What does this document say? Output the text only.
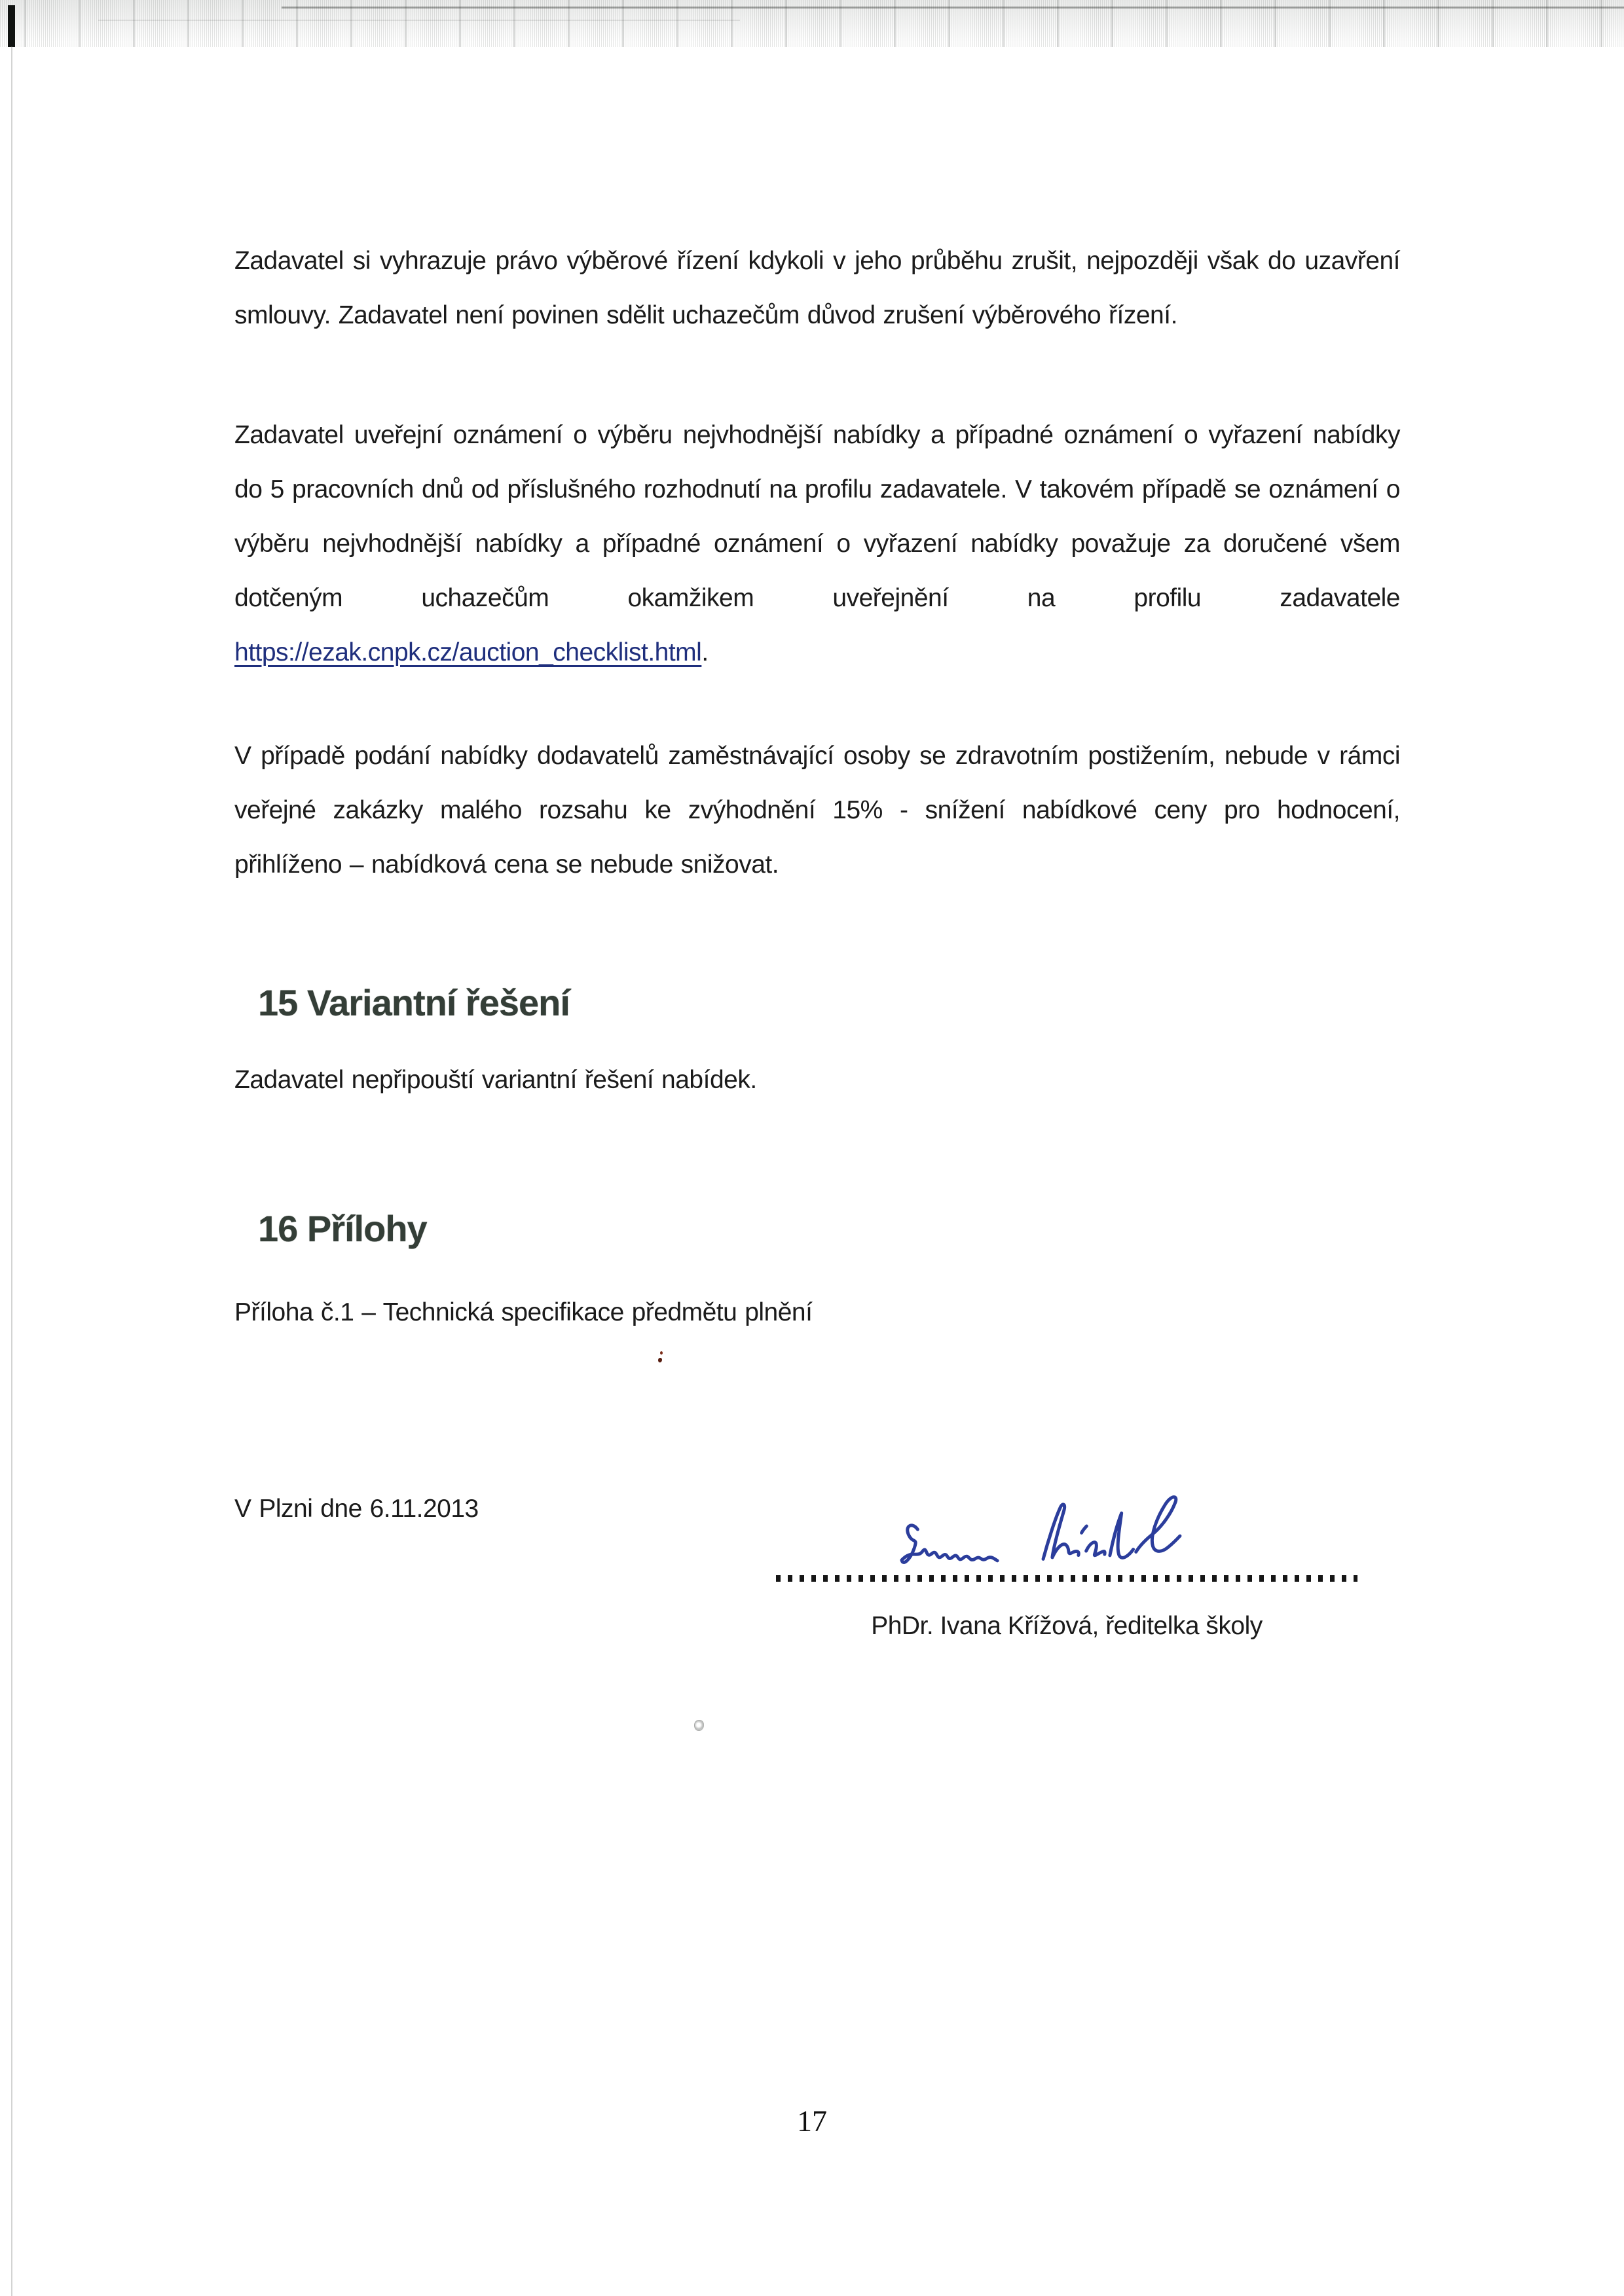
Zadavatel si vyhrazuje právo výběrové řízení kdykoli v jeho průběhu zrušit, nejpozději však do uzavření smlouvy. Zadavatel není povinen sdělit uchazečům důvod zrušení výběrového řízení.

Zadavatel uveřejní oznámení o výběru nejvhodnější nabídky a případné oznámení o vyřazení nabídky do 5 pracovních dnů od příslušného rozhodnutí na profilu zadavatele. V takovém případě se oznámení o výběru nejvhodnější nabídky a případné oznámení o vyřazení nabídky považuje za doručené všem dotčeným uchazečům okamžikem uveřejnění na profilu zadavatele https://ezak.cnpk.cz/auction_checklist.html.

V případě podání nabídky dodavatelů zaměstnávající osoby se zdravotním postižením, nebude v rámci veřejné zakázky malého rozsahu ke zvýhodnění 15% - snížení nabídkové ceny pro hodnocení, přihlíženo – nabídková cena se nebude snižovat.

15 Variantní řešení

Zadavatel nepřipouští variantní řešení nabídek.

16 Přílohy

Příloha č.1 – Technická specifikace předmětu plnění

V Plzni dne 6.11.2013

PhDr. Ivana Křížová, ředitelka školy

17
